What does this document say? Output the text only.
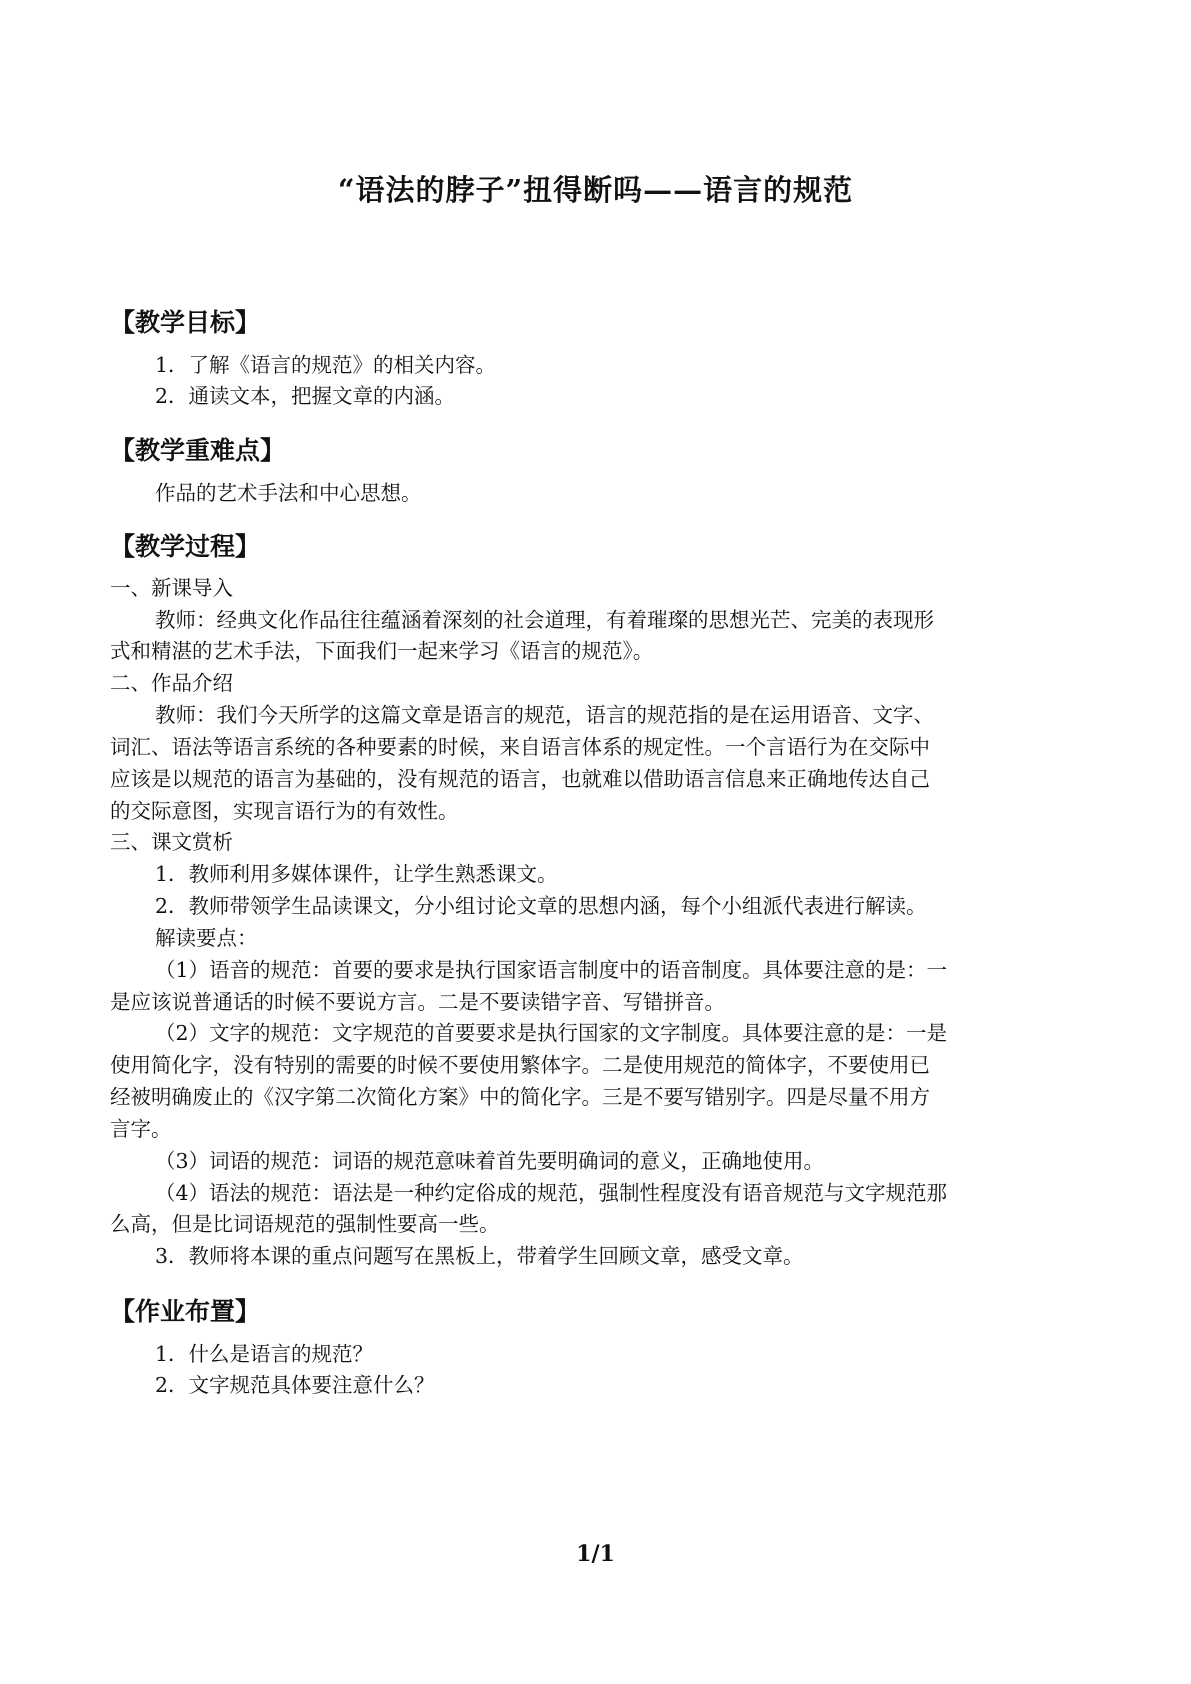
“语法的脖子”扭得断吗——语言的规范
【教学目标】
1．了解《语言的规范》的相关内容。
2．通读文本，把握文章的内涵。
【教学重难点】
作品的艺术手法和中心思想。
【教学过程】
一、新课导入
教师：经典文化作品往往蕴涵着深刻的社会道理，有着璀璨的思想光芒、完美的表现形
式和精湛的艺术手法，下面我们一起来学习《语言的规范》。
二、作品介绍
教师：我们今天所学的这篇文章是语言的规范，语言的规范指的是在运用语音、文字、
词汇、语法等语言系统的各种要素的时候，来自语言体系的规定性。一个言语行为在交际中
应该是以规范的语言为基础的，没有规范的语言，也就难以借助语言信息来正确地传达自己
的交际意图，实现言语行为的有效性。
三、课文赏析
1．教师利用多媒体课件，让学生熟悉课文。
2．教师带领学生品读课文，分小组讨论文章的思想内涵，每个小组派代表进行解读。
解读要点：
（1）语音的规范：首要的要求是执行国家语言制度中的语音制度。具体要注意的是：一
是应该说普通话的时候不要说方言。二是不要读错字音、写错拼音。
（2）文字的规范：文字规范的首要要求是执行国家的文字制度。具体要注意的是：一是
使用简化字，没有特别的需要的时候不要使用繁体字。二是使用规范的简体字，不要使用已
经被明确废止的《汉字第二次简化方案》中的简化字。三是不要写错别字。四是尽量不用方
言字。
（3）词语的规范：词语的规范意味着首先要明确词的意义，正确地使用。
（4）语法的规范：语法是一种约定俗成的规范，强制性程度没有语音规范与文字规范那
么高，但是比词语规范的强制性要高一些。
3．教师将本课的重点问题写在黑板上，带着学生回顾文章，感受文章。
【作业布置】
1．什么是语言的规范？
2．文字规范具体要注意什么？
1/1
